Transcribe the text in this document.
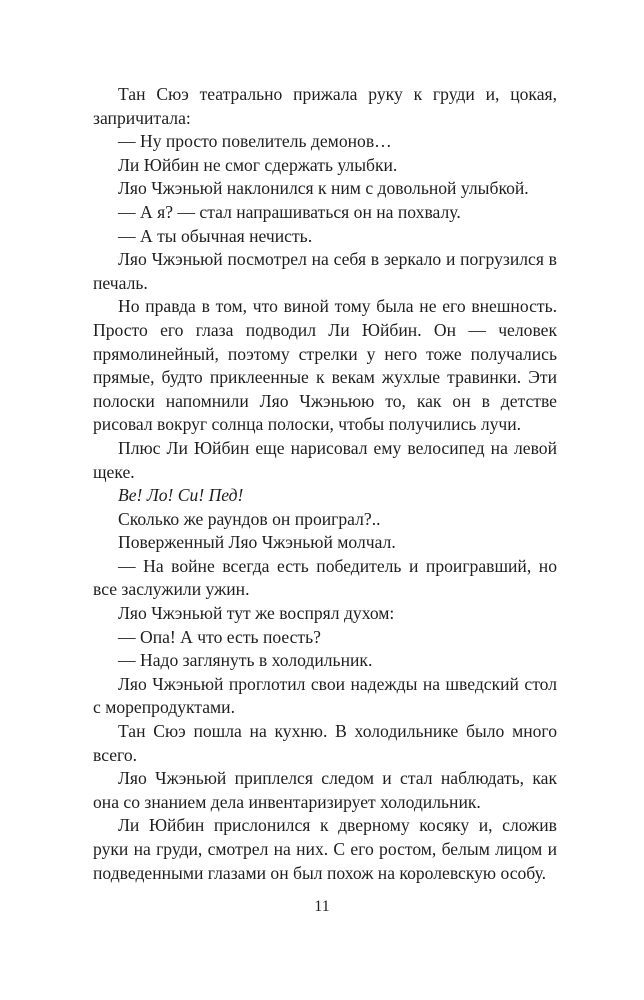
Тан Сюэ театрально прижала руку к груди и, цокая, запричитала:

— Ну просто повелитель демонов…

Ли Юйбин не смог сдержать улыбки.

Ляо Чжэньюй наклонился к ним с довольной улыбкой.

— А я? — стал напрашиваться он на похвалу.

— А ты обычная нечисть.

Ляо Чжэньюй посмотрел на себя в зеркало и погрузился в печаль.

Но правда в том, что виной тому была не его внешность. Просто его глаза подводил Ли Юйбин. Он — человек прямолинейный, поэтому стрелки у него тоже получались прямые, будто приклеенные к векам жухлые травинки. Эти полоски напомнили Ляо Чжэньюю то, как он в детстве рисовал вокруг солнца полоски, чтобы получились лучи.

Плюс Ли Юйбин еще нарисовал ему велосипед на левой щеке.

Ве! Ло! Си! Пед!

Сколько же раундов он проиграл?..

Поверженный Ляо Чжэньюй молчал.

— На войне всегда есть победитель и проигравший, но все заслужили ужин.

Ляо Чжэньюй тут же воспрял духом:

— Опа! А что есть поесть?

— Надо заглянуть в холодильник.

Ляо Чжэньюй проглотил свои надежды на шведский стол с морепродуктами.

Тан Сюэ пошла на кухню. В холодильнике было много всего.

Ляо Чжэньюй приплелся следом и стал наблюдать, как она со знанием дела инвентаризирует холодильник.

Ли Юйбин прислонился к дверному косяку и, сложив руки на груди, смотрел на них. С его ростом, белым лицом и подведенными глазами он был похож на королевскую особу.

11
